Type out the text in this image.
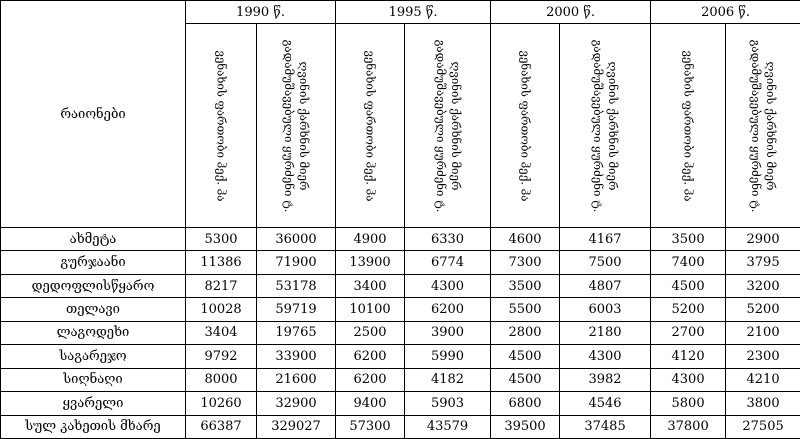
რაიონები	1990 წ.		1995 წ.		2000 წ.		2006 წ.	

	ვენახის ფართობი ჰექ. ჰა	ღვინის ქარხნის მიერ გადამუშავებული ყურძენი ტ.	ვენახის ფართობი ჰექ. ჰა	ღვინის ქარხნის მიერ გადამუშავებული ყურძენი ტ.	ვენახის ფართობი ჰექ. ჰა	ღვინის ქარხნის მიერ გადამუშავებული ყურძენი ტ.	ვენახის ფართობი ჰექ. ჰა	ღვინის ქარხნის მიერ გადამუშავებული ყურძენი ტ.

ახმეტა	5300	36000	4900	6330	4600	4167	3500	2900
გურჯაანი	11386	71900	13900	6774	7300	7500	7400	3795
დედოფლისწყარო	8217	53178	3400	4300	3500	4807	4500	3200
თელავი	10028	59719	10100	6200	5500	6003	5200	5200
ლაგოდეხი	3404	19765	2500	3900	2800	2180	2700	2100
საგარეჯო	9792	33900	6200	5990	4500	4300	4120	2300
სიღნაღი	8000	21600	6200	4182	4500	3982	4300	4210
ყვარელი	10260	32900	9400	5903	6800	4546	5800	3800
სულ კახეთის მხარე	66387	329027	57300	43579	39500	37485	37800	27505
